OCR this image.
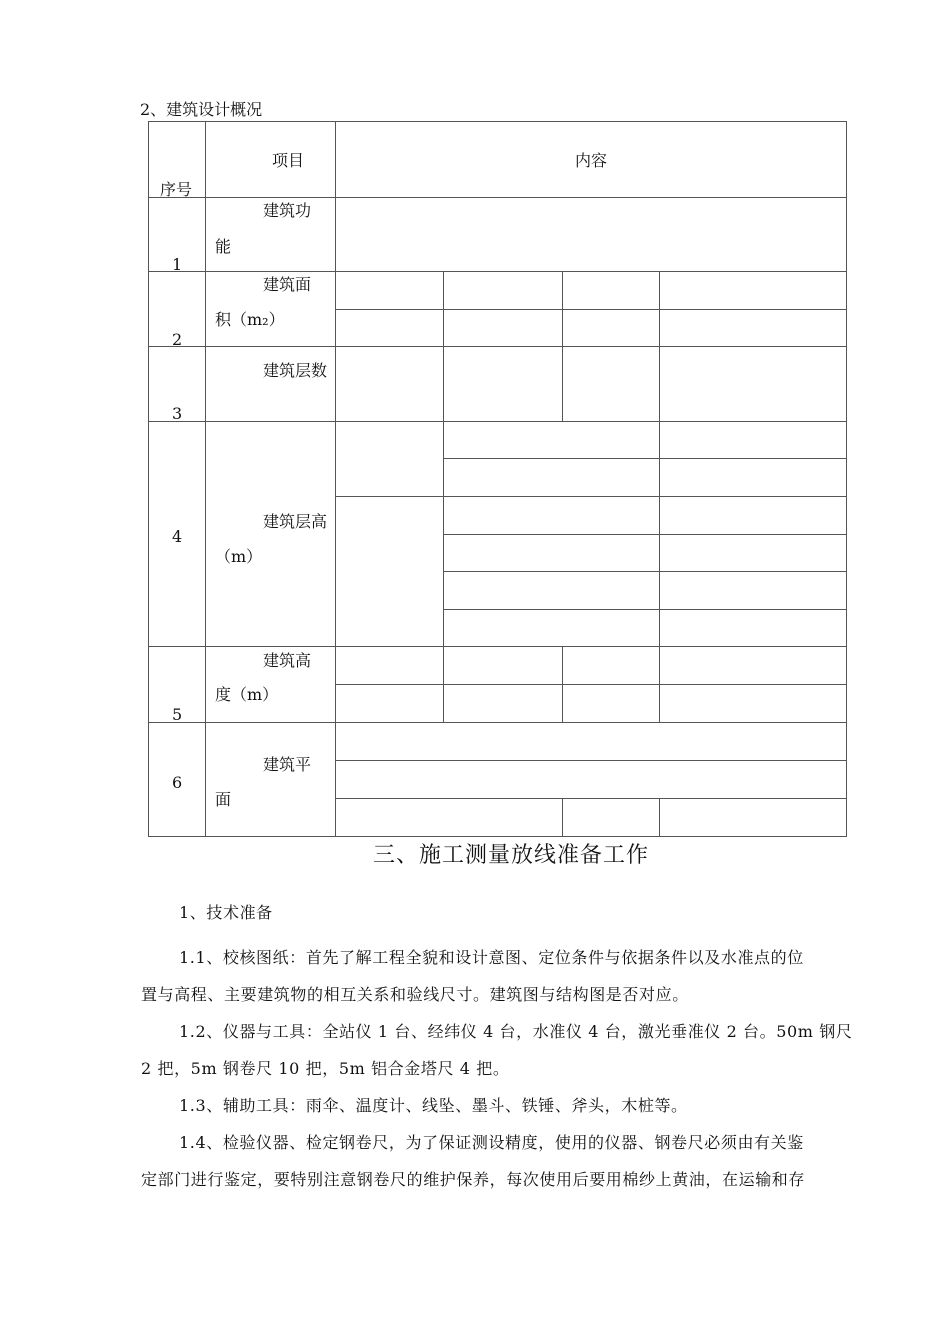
2、建筑设计概况
序号
项目	内容
1
建筑功
能
2
建筑面
积（m₂）
3
建筑层数
4
建筑层高
（m）
5
建筑高
度（m）
6
建筑平
面
三、施工测量放线准备工作
1、技术准备
1.1、校核图纸：首先了解工程全貌和设计意图、定位条件与依据条件以及水准点的位
置与高程、主要建筑物的相互关系和验线尺寸。建筑图与结构图是否对应。
1.2、仪器与工具：全站仪 1 台、经纬仪 4 台，水准仪 4 台，激光垂准仪 2 台。50m 钢尺
2 把，5m 钢卷尺 10 把，5m 铝合金塔尺 4 把。
1.3、辅助工具：雨伞、温度计、线坠、墨斗、铁锤、斧头，木桩等。
1.4、检验仪器、检定钢卷尺，为了保证测设精度，使用的仪器、钢卷尺必须由有关鉴
定部门进行鉴定，要特别注意钢卷尺的维护保养，每次使用后要用棉纱上黄油，在运输和存
